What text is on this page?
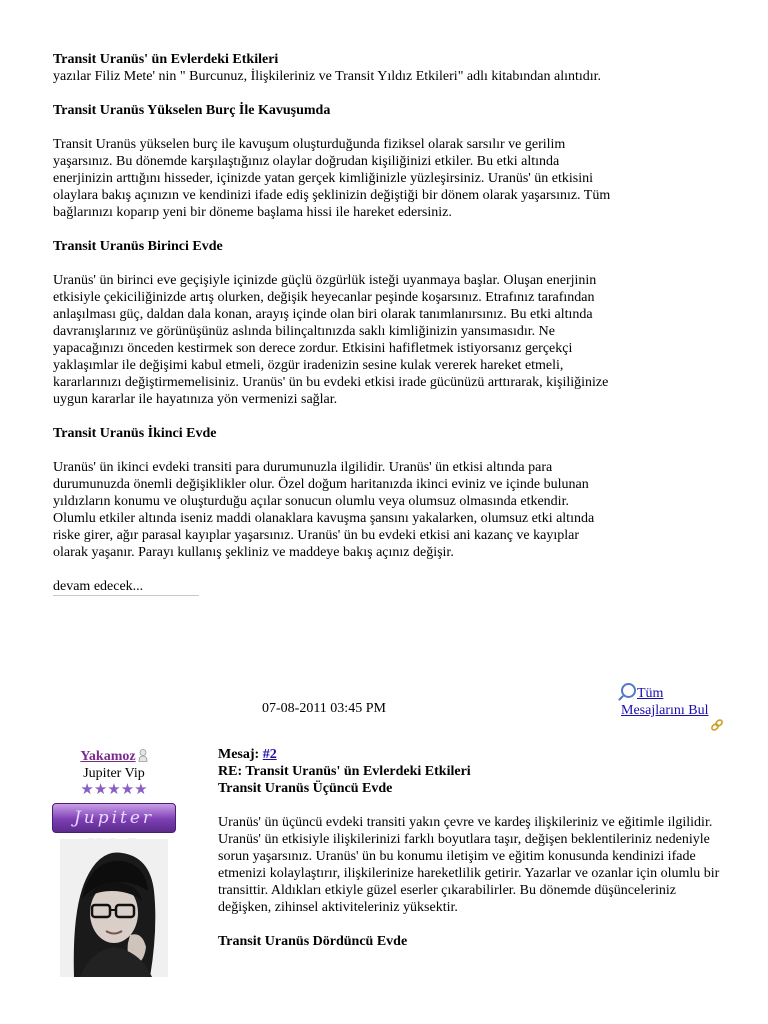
Transit Uranüs' ün Evlerdeki Etkileri

yazılar Filiz Mete' nin " Burcunuz, İlişkileriniz ve Transit Yıldız Etkileri" adlı kitabından alıntıdır.

Transit Uranüs Yükselen Burç İle Kavuşumda

Transit Uranüs yükselen burç ile kavuşum oluşturduğunda fiziksel olarak sarsılır ve gerilim yaşarsınız. Bu dönemde karşılaştığınız olaylar doğrudan kişiliğinizi etkiler. Bu etki altında enerjinizin arttığını hisseder, içinizde yatan gerçek kimliğinizle yüzleşirsiniz. Uranüs' ün etkisini olaylara bakış açınızın ve kendinizi ifade ediş şeklinizin değiştiği bir dönem olarak yaşarsınız. Tüm bağlarınızı koparıp yeni bir döneme başlama hissi ile hareket edersiniz.

Transit Uranüs Birinci Evde

Uranüs' ün birinci eve geçişiyle içinizde güçlü özgürlük isteği uyanmaya başlar. Oluşan enerjinin etkisiyle çekiciliğinizde artış olurken, değişik heyecanlar peşinde koşarsınız. Etrafınız tarafından anlaşılması güç, daldan dala konan, arayış içinde olan biri olarak tanımlanırsınız. Bu etki altında davranışlarınız ve görünüşünüz aslında bilinçaltınızda saklı kimliğinizin yansımasıdır. Ne yapacağınızı önceden kestirmek son derece zordur. Etkisini hafifletmek istiyorsanız gerçekçi yaklaşımlar ile değişimi kabul etmeli, özgür iradenizin sesine kulak vererek hareket etmeli, kararlarınızı değiştirmemelisiniz. Uranüs' ün bu evdeki etkisi irade gücünüzü arttırarak, kişiliğinize uygun kararlar ile hayatınıza yön vermenizi sağlar.

Transit Uranüs İkinci Evde

Uranüs' ün ikinci evdeki transiti para durumunuzla ilgilidir. Uranüs' ün etkisi altında para durumunuzda önemli değişiklikler olur. Özel doğum haritanızda ikinci eviniz ve içinde bulunan yıldızların konumu ve oluşturduğu açılar sonucun olumlu veya olumsuz olmasında etkendir. Olumlu etkiler altında iseniz maddi olanaklara kavuşma şansını yakalarken, olumsuz etki altında riske girer, ağır parasal kayıplar yaşarsınız. Uranüs' ün bu evdeki etkisi ani kazanç ve kayıplar olarak yaşanır. Parayı kullanış şekliniz ve maddeye bakış açınız değişir.

devam edecek...
07-08-2011 03:45 PM
Tüm Mesajlarını Bul
Yakamoz
Jupiter Vip
★★★★★
Jupiter
Mesaj: #2
RE: Transit Uranüs' ün Evlerdeki Etkileri

Transit Uranüs Üçüncü Evde

Uranüs' ün üçüncü evdeki transiti yakın çevre ve kardeş ilişkileriniz ve eğitimle ilgilidir. Uranüs' ün etkisiyle ilişkilerinizi farklı boyutlara taşır, değişen beklentileriniz nedeniyle sorun yaşarsınız. Uranüs' ün bu konumu iletişim ve eğitim konusunda kendinizi ifade etmenizi kolaylaştırır, ilişkilerinize hareketlilik getirir. Yazarlar ve ozanlar için olumlu bir transittir. Aldıkları etkiyle güzel eserler çıkarabilirler. Bu dönemde düşünceleriniz değişken, zihinsel aktiviteleriniz yüksektir.

Transit Uranüs Dördüncü Evde
